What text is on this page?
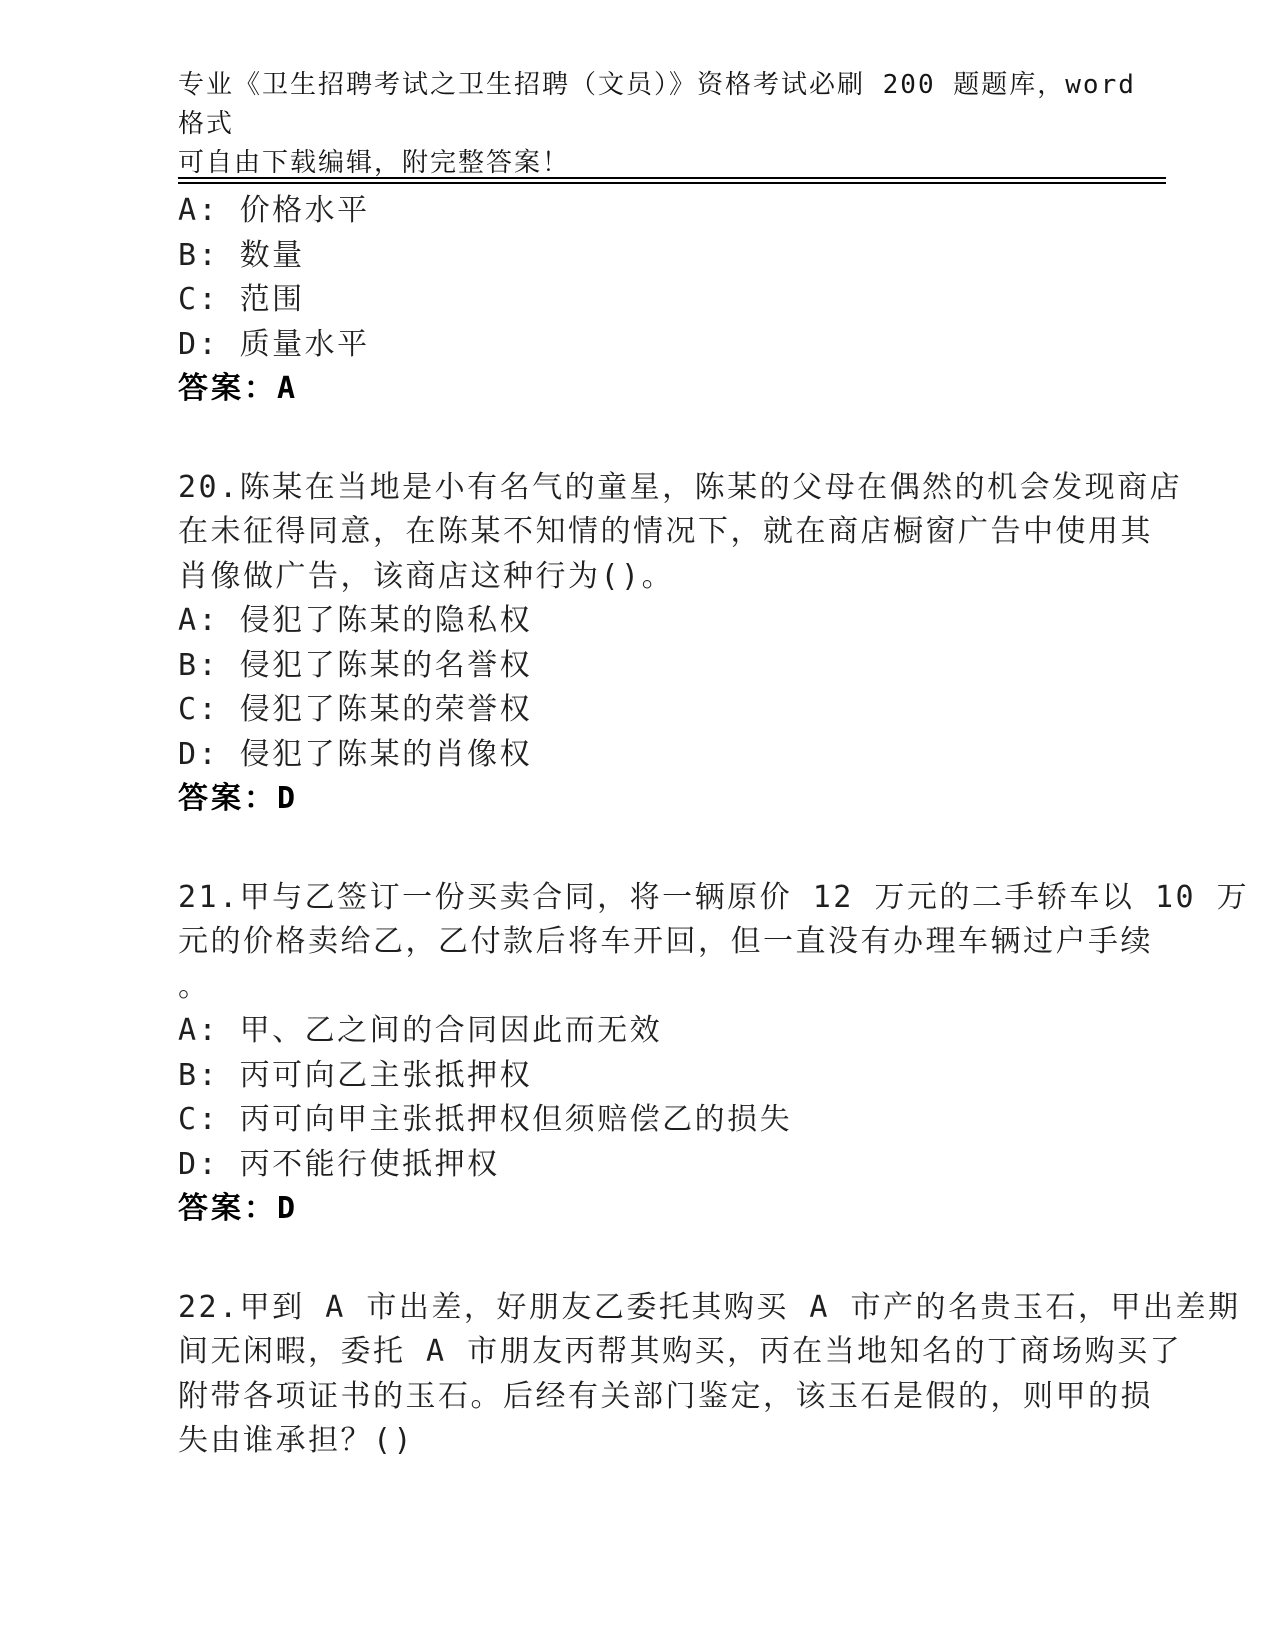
专业《卫生招聘考试之卫生招聘（文员）》资格考试必刷 200 题题库，word 格式

可自由下载编辑，附完整答案！

A: 价格水平

B: 数量

C: 范围

D: 质量水平

答案：A

20.陈某在当地是小有名气的童星，陈某的父母在偶然的机会发现商店

在未征得同意，在陈某不知情的情况下，就在商店橱窗广告中使用其

肖像做广告，该商店这种行为()。

A: 侵犯了陈某的隐私权

B: 侵犯了陈某的名誉权

C: 侵犯了陈某的荣誉权

D: 侵犯了陈某的肖像权

答案：D

21.甲与乙签订一份买卖合同，将一辆原价 12 万元的二手轿车以 10 万

元的价格卖给乙，乙付款后将车开回，但一直没有办理车辆过户手续

。

A: 甲、乙之间的合同因此而无效

B: 丙可向乙主张抵押权

C: 丙可向甲主张抵押权但须赔偿乙的损失

D: 丙不能行使抵押权

答案：D

22.甲到 A 市出差，好朋友乙委托其购买 A 市产的名贵玉石，甲出差期

间无闲暇，委托 A 市朋友丙帮其购买，丙在当地知名的丁商场购买了

附带各项证书的玉石。后经有关部门鉴定，该玉石是假的，则甲的损

失由谁承担？()
